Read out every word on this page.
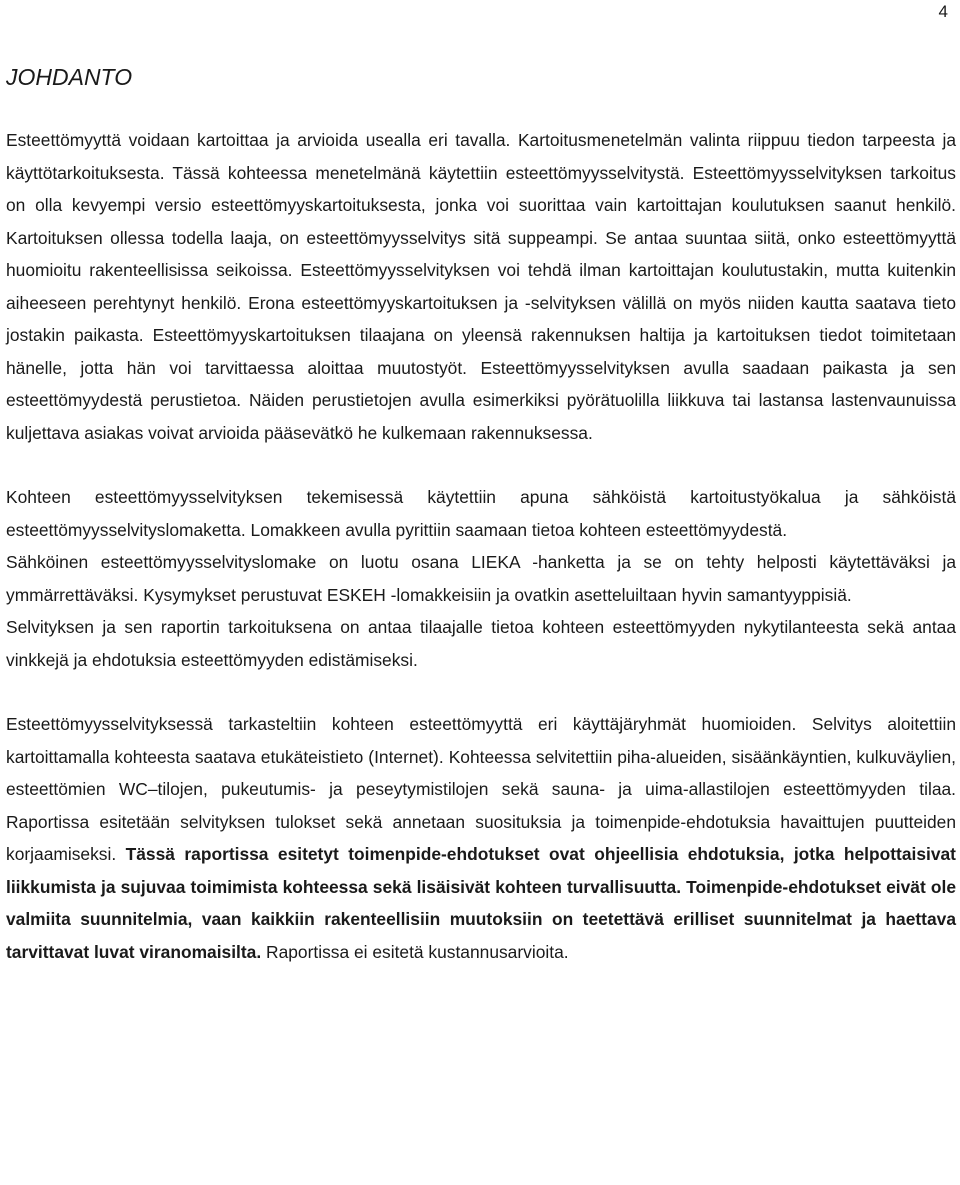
4
JOHDANTO

Esteettömyyttä voidaan kartoittaa ja arvioida usealla eri tavalla. Kartoitusmenetelmän valinta riippuu tiedon tarpeesta ja käyttötarkoituksesta. Tässä kohteessa menetelmänä käytettiin esteettömyysselvitystä. Esteettömyysselvityksen tarkoitus on olla kevyempi versio esteettömyyskartoituksesta, jonka voi suorittaa vain kartoittajan koulutuksen saanut henkilö. Kartoituksen ollessa todella laaja, on esteettömyysselvitys sitä suppeampi. Se antaa suuntaa siitä, onko esteettömyyttä huomioitu rakenteellisissa seikoissa. Esteettömyysselvityksen voi tehdä ilman kartoittajan koulutustakin, mutta kuitenkin aiheeseen perehtynyt henkilö. Erona esteettömyyskartoituksen ja -selvityksen välillä on myös niiden kautta saatava tieto jostakin paikasta. Esteettömyyskartoituksen tilaajana on yleensä rakennuksen haltija ja kartoituksen tiedot toimitetaan hänelle, jotta hän voi tarvittaessa aloittaa muutostyöt. Esteettömyysselvityksen avulla saadaan paikasta ja sen esteettömyydestä perustietoa. Näiden perustietojen avulla esimerkiksi pyörätuolilla liikkuva tai lastansa lastenvaunuissa kuljettava asiakas voivat arvioida pääsevätkö he kulkemaan rakennuksessa.

Kohteen esteettömyysselvityksen tekemisessä käytettiin apuna sähköistä kartoitustyökalua ja sähköistä esteettömyysselvityslomaketta. Lomakkeen avulla pyrittiin saamaan tietoa kohteen esteettömyydestä.

Sähköinen esteettömyysselvityslomake on luotu osana LIEKA -hanketta ja se on tehty helposti käytettäväksi ja ymmärrettäväksi. Kysymykset perustuvat ESKEH -lomakkeisiin ja ovatkin asetteluiltaan hyvin samantyyppisiä.

Selvityksen ja sen raportin tarkoituksena on antaa tilaajalle tietoa kohteen esteettömyyden nykytilanteesta sekä antaa vinkkejä ja ehdotuksia esteettömyyden edistämiseksi.

Esteettömyysselvityksessä tarkasteltiin kohteen esteettömyyttä eri käyttäjäryhmät huomioiden. Selvitys aloitettiin kartoittamalla kohteesta saatava etukäteistieto (Internet). Kohteessa selvitettiin piha-alueiden, sisäänkäyntien, kulkuväylien, esteettömien WC–tilojen, pukeutumis- ja peseytymistilojen sekä sauna- ja uima-allastilojen esteettömyyden tilaa. Raportissa esitetään selvityksen tulokset sekä annetaan suosituksia ja toimenpide-ehdotuksia havaittujen puutteiden korjaamiseksi. Tässä raportissa esitetyt toimenpide-ehdotukset ovat ohjeellisia ehdotuksia, jotka helpottaisivat liikkumista ja sujuvaa toimimista kohteessa sekä lisäisivät kohteen turvallisuutta. Toimenpide-ehdotukset eivät ole valmiita suunnitelmia, vaan kaikkiin rakenteellisiin muutoksiin on teetettävä erilliset suunnitelmat ja haettava tarvittavat luvat viranomaisilta. Raportissa ei esitetä kustannusarvioita.
